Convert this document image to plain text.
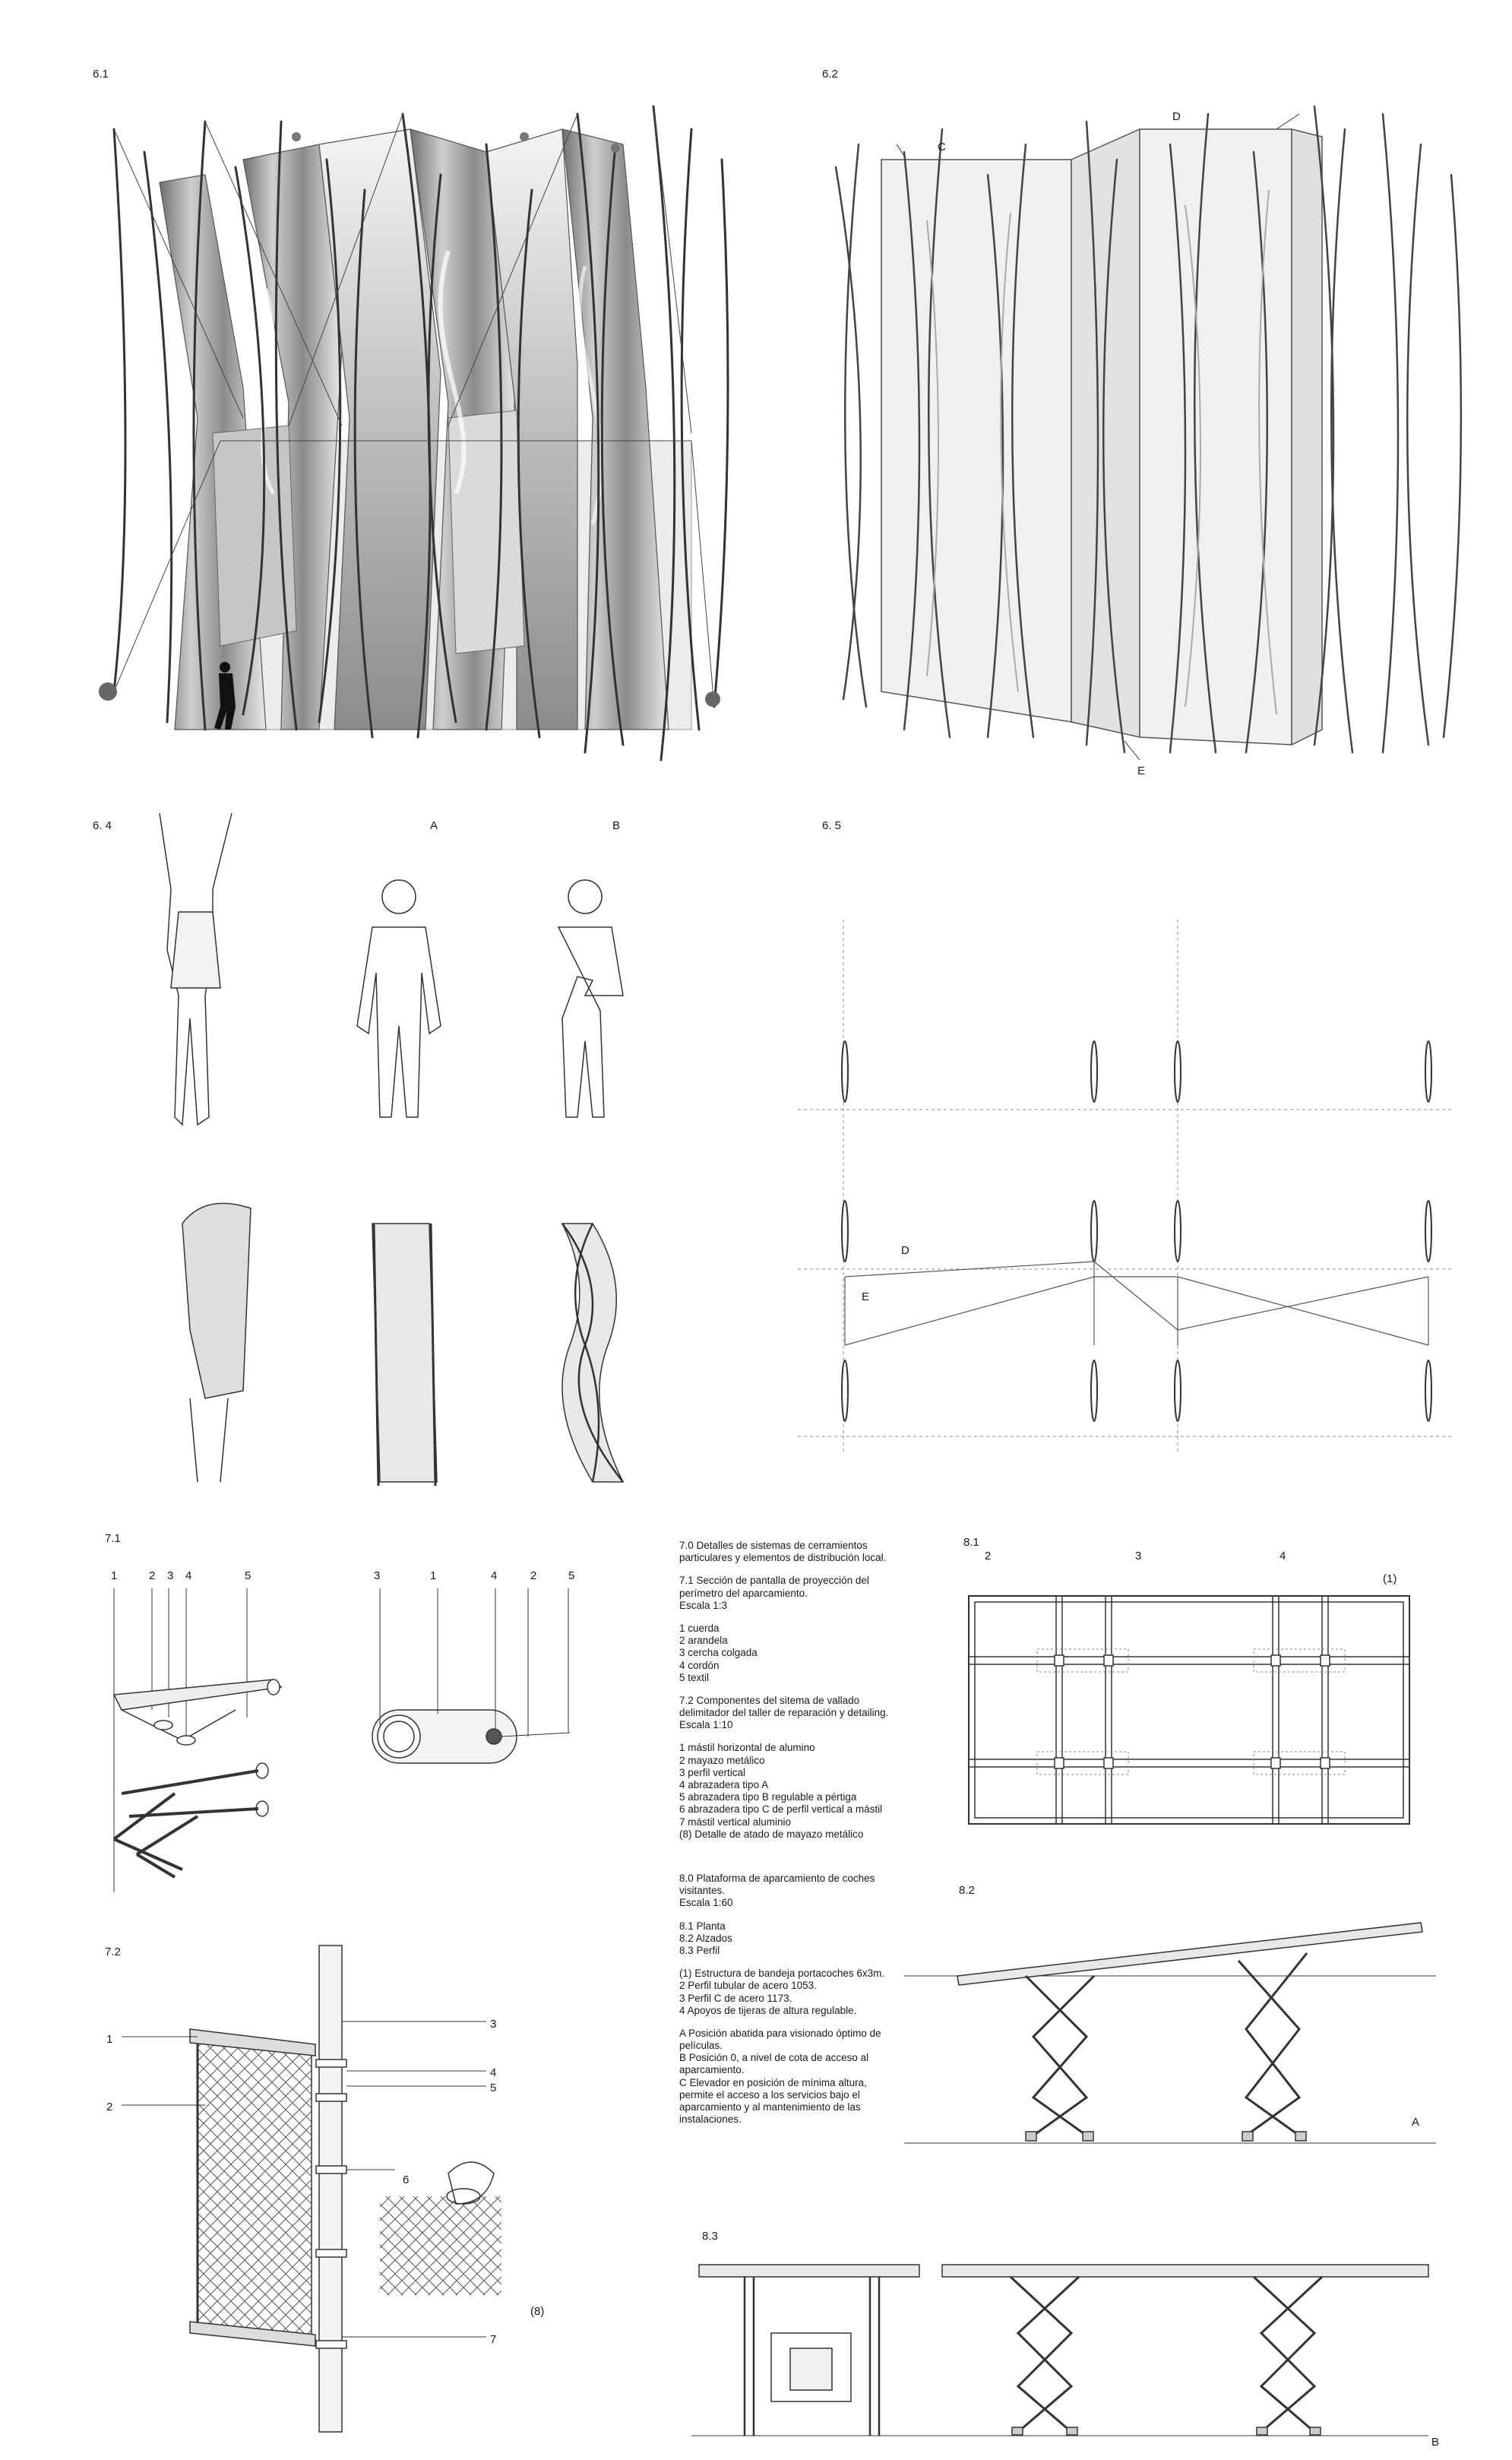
6.1	6.2
C
D
E
6. 4	A	B	6. 5
D
E
7.1
1	2 3 4	5	3	1	4	2	5
7.2
1
2
3
4
5
6
7
(8)
7.0 Detalles de sistemas de cerramientos
particulares y elementos de distribución local.
7.1 Sección de pantalla de proyección del
perímetro del aparcamiento.
Escala 1:3
1 cuerda
2 arandela
3 cercha colgada
4 cordón
5 textil
7.2 Componentes del sitema de vallado
delimitador del taller de reparación y detailing.
Escala 1:10
1 mástil horizontal de alumino
2 mayazo metálico
3 perfil vertical
4 abrazadera tipo A
5 abrazadera tipo B regulable a pértiga
6 abrazadera tipo C de perfil vertical a mástil
7 mástil vertical aluminio
(8) Detalle de atado de mayazo metálico
8.0 Plataforma de aparcamiento de coches
visitantes.
Escala 1:60
8.1 Planta
8.2 Alzados
8.3 Perfil
(1) Estructura de bandeja portacoches 6x3m.
2 Perfil tubular de acero 1053.
3 Perfil C de acero 1173.
4 Apoyos de tijeras de altura regulable.
A Posición abatida para visionado óptimo de
películas.
B Posición 0, a nivel de cota de acceso al
aparcamiento.
C Elevador en posición de mínima altura,
permite el acceso a los servicios bajo el
aparcamiento y al mantenimiento de las
instalaciones.
8.1
2	3	4
(1)
8.2
A
8.3
B
